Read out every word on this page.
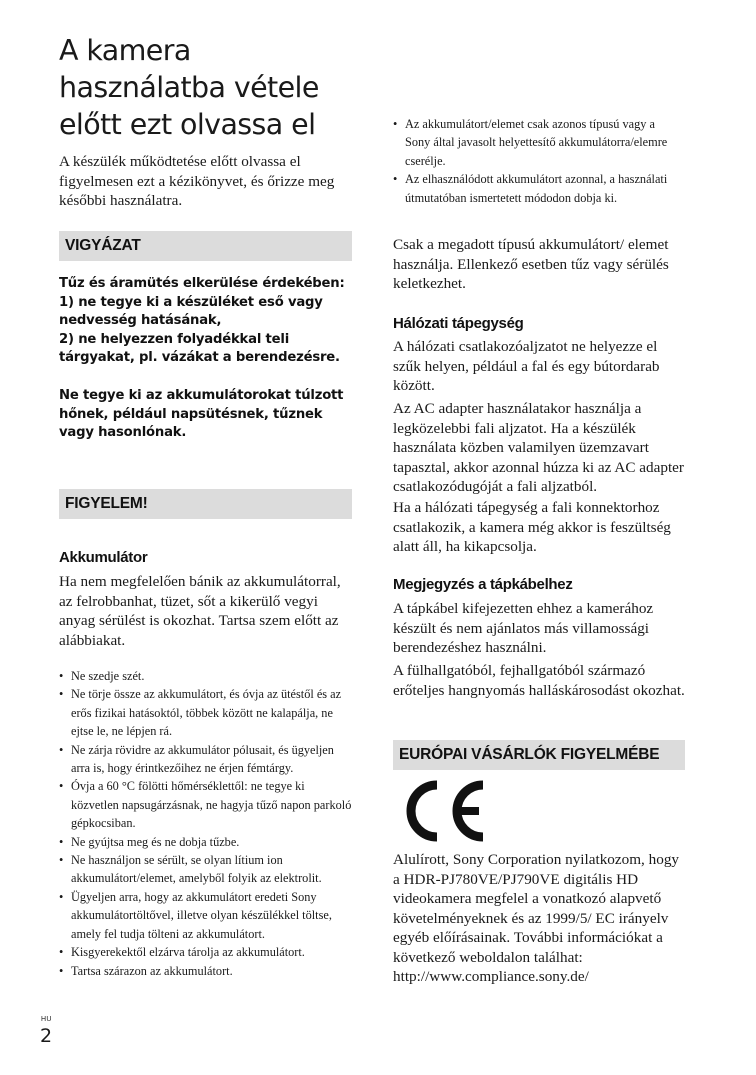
A kamera használatba vétele előtt ezt olvassa el

A készülék működtetése előtt olvassa el figyelmesen ezt a kézikönyvet, és őrizze meg későbbi használatra.

VIGYÁZAT

Tűz és áramütés elkerülése érdekében:
1) ne tegye ki a készüléket eső vagy nedvesség hatásának,
2) ne helyezzen folyadékkal teli tárgyakat, pl. vázákat a berendezésre.

Ne tegye ki az akkumulátorokat túlzott hőnek, például napsütésnek, tűznek vagy hasonlónak.

FIGYELEM!
Akkumulátor

Ha nem megfelelően bánik az akkumulátorral, az felrobbanhat, tüzet, sőt a kikerülő vegyi anyag sérülést is okozhat. Tartsa szem előtt az alábbiakat.

• Ne szedje szét.
• Ne törje össze az akkumulátort, és óvja az ütéstől és az erős fizikai hatásoktól, többek között ne kalapálja, ne ejtse le, ne lépjen rá.
• Ne zárja rövidre az akkumulátor pólusait, és ügyeljen arra is, hogy érintkezőihez ne érjen fémtárgy.
• Óvja a 60 °C fölötti hőmérséklettől: ne tegye ki közvetlen napsugárzásnak, ne hagyja tűző napon parkoló gépkocsiban.
• Ne gyújtsa meg és ne dobja tűzbe.
• Ne használjon se sérült, se olyan lítium ion akkumulátort/elemet, amelyből folyik az elektrolit.
• Ügyeljen arra, hogy az akkumulátort eredeti Sony akkumulátortöltővel, illetve olyan készülékkel töltse, amely fel tudja tölteni az akkumulátort.
• Kisgyerekektől elzárva tárolja az akkumulátort.
• Tartsa szárazon az akkumulátort.
• Az akkumulátort/elemet csak azonos típusú vagy a Sony által javasolt helyettesítő akkumulátorra/elemre cserélje.
• Az elhasználódott akkumulátort azonnal, a használati útmutatóban ismertetett módodon dobja ki.

Csak a megadott típusú akkumulátort/ elemet használja. Ellenkező esetben tűz vagy sérülés keletkezhet.

Hálózati tápegység

A hálózati csatlakozóaljzatot ne helyezze el szűk helyen, például a fal és egy bútordarab között.

Az AC adapter használatakor használja a legközelebbi fali aljzatot. Ha a készülék használata közben valamilyen üzemzavart tapasztal, akkor azonnal húzza ki az AC adapter csatlakozódugóját a fali aljzatból.

Ha a hálózati tápegység a fali konnektorhoz csatlakozik, a kamera még akkor is feszültség alatt áll, ha kikapcsolja.

Megjegyzés a tápkábelhez

A tápkábel kifejezetten ehhez a kamerához készült és nem ajánlatos más villamossági berendezéshez használni.

A fülhallgatóból, fejhallgatóból származó erőteljes hangnyomás halláskárosodást okozhat.

EURÓPAI VÁSÁRLÓK FIGYELMÉBE

Alulírott, Sony Corporation nyilatkozom, hogy a HDR-PJ780VE/PJ790VE digitális HD videokamera megfelel a vonatkozó alapvető követelményeknek és az 1999/5/ EC irányelv egyéb előírásainak. További információkat a következő weboldalon találhat: http://www.compliance.sony.de/

HU
2
